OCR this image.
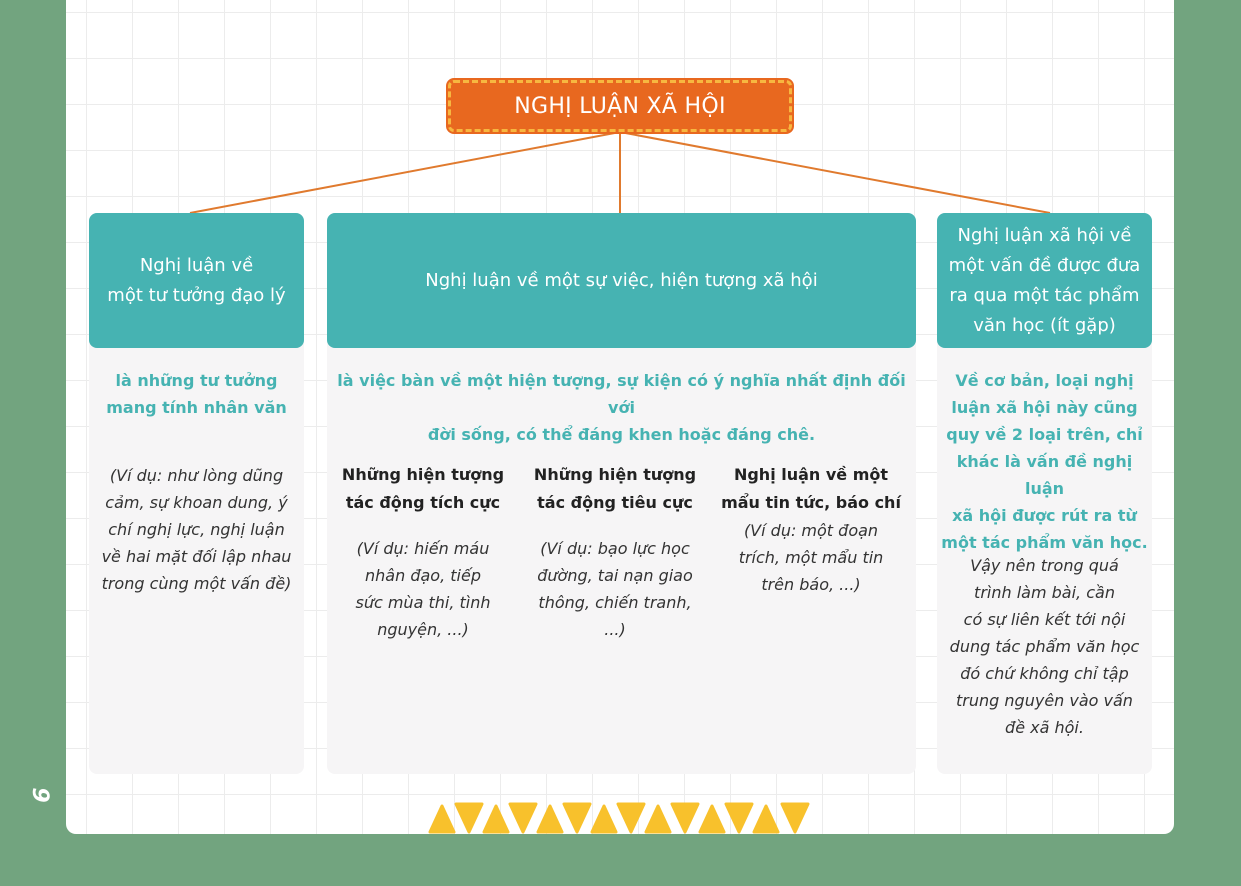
9
NGHỊ LUẬN XÃ HỘI
Nghị luận về
một tư tưởng đạo lý
là những tư tưởng
mang tính nhân văn
(Ví dụ: như lòng dũng
cảm, sự khoan dung, ý
chí nghị lực, nghị luận
về hai mặt đối lập nhau
trong cùng một vấn đề)
Nghị luận về một sự việc, hiện tượng xã hội
là việc bàn về một hiện tượng, sự kiện có ý nghĩa nhất định đối với
đời sống, có thể đáng khen hoặc đáng chê.
Những hiện tượng
tác động tích cực
(Ví dụ: hiến máu
nhân đạo, tiếp
sức mùa thi, tình
nguyện, ...)
Những hiện tượng
tác động tiêu cực
(Ví dụ: bạo lực học
đường, tai nạn giao
thông, chiến tranh,
...)
Nghị luận về một
mẩu tin tức, báo chí
(Ví dụ: một đoạn
trích, một mẩu tin
trên báo, ...)
Nghị luận xã hội về
một vấn đề được đưa
ra qua một tác phẩm
văn học (ít gặp)
Về cơ bản, loại nghị
luận xã hội này cũng
quy về 2 loại trên, chỉ
khác là vấn đề nghị luận
xã hội được rút ra từ
một tác phẩm văn học.
Vậy nên trong quá
trình làm bài, cần
có sự liên kết tới nội
dung tác phẩm văn học
đó chứ không chỉ tập
trung nguyên vào vấn
đề xã hội.
